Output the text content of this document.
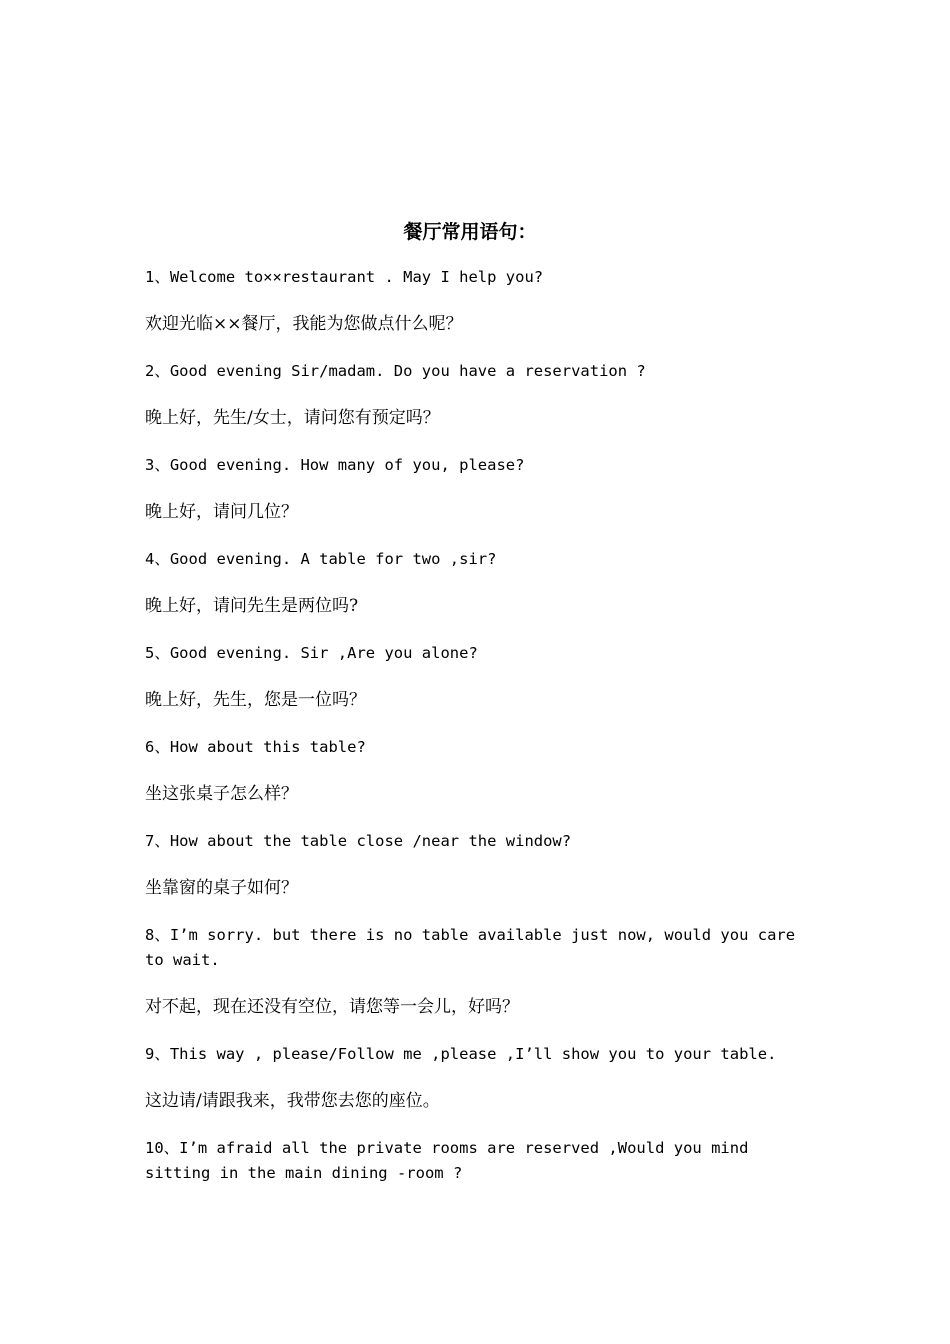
餐厅常用语句：

1、Welcome to××restaurant . May I help you?

欢迎光临××餐厅，我能为您做点什么呢？

2、Good evening Sir/madam. Do you have a reservation ?

晚上好，先生/女士，请问您有预定吗？

3、Good evening. How many of you, please?

晚上好，请问几位？

4、Good evening. A table for two ,sir?

晚上好，请问先生是两位吗?

5、Good evening. Sir ,Are you alone?

晚上好，先生，您是一位吗？

6、How about this table?

坐这张桌子怎么样？

7、How about the table close /near the window?

坐靠窗的桌子如何？

8、I’m sorry. but there is no table available just now, would you care to wait.

对不起，现在还没有空位，请您等一会儿，好吗？

9、This way , please/Follow me ,please ,I’ll show you to your table.

这边请/请跟我来，我带您去您的座位。

10、I’m afraid all the private rooms are reserved ,Would you mind sitting in the main dining -room ?
